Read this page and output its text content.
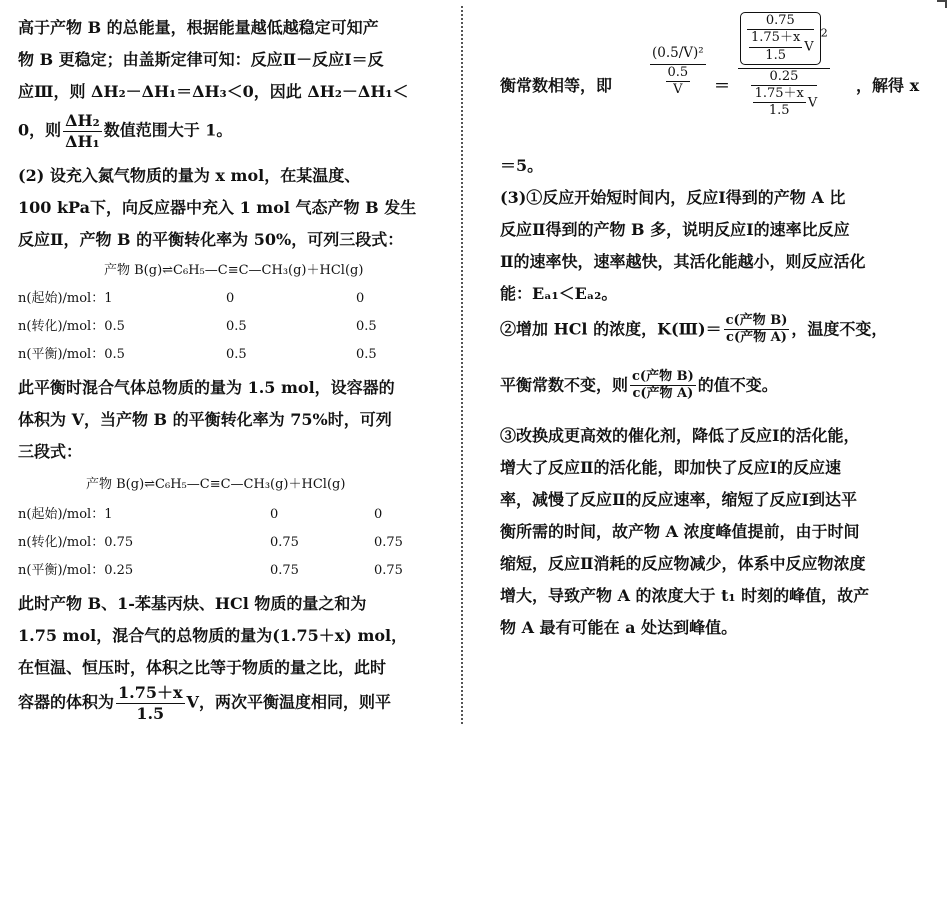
高于产物 B 的总能量，根据能量越低越稳定可知产
物 B 更稳定；由盖斯定律可知：反应Ⅱ－反应Ⅰ＝反
应Ⅲ，则 ΔH₂－ΔH₁＝ΔH₃＜0，因此 ΔH₂－ΔH₁＜
0，则 $\frac{\text{ΔH₂}}{\text{ΔH₁}}$ 数值范围大于 1。
(2) 设充入氮气物质的量为 x mol，在某温度、
100 kPa下，向反应器中充入 1 mol 气态产物 B 发生
反应Ⅱ，产物 B 的平衡转化率为 50%，可列三段式：
产物 B(g)⇌C₆H₅—C≡C—CH₃(g)＋HCl(g)
n(起始)/mol：1	0	0
n(转化)/mol：0.5	0.5	0.5
n(平衡)/mol：0.5	0.5	0.5
此平衡时混合气体总物质的量为 1.5 mol，设容器的
体积为 V，当产物 B 的平衡转化率为 75%时，可列
三段式：
产物 B(g)⇌C₆H₅—C≡C—CH₃(g)＋HCl(g)
n(起始)/mol：1	0	0
n(转化)/mol：0.75	0.75	0.75
n(平衡)/mol：0.25	0.75	0.75
此时产物 B、1-苯基丙炔、HCl 物质的量之和为
1.75 mol，混合气的总物质的量为(1.75＋x) mol，
在恒温、恒压时，体积之比等于物质的量之比，此时
容器的体积为 $\frac{1.75+x}{1.5}$ V，两次平衡温度相同，则平
衡常数相等，即	$\frac{\text{(0.5/V)²}}{\frac{0.5}{V}} = \frac{\frac{0.75}{\frac{1.75+x}{1.5} V} ^2}{\frac{0.25}{\frac{1.75+x}{1.5} V}}$ ，解得 x
＝5。
(3)①反应开始短时间内，反应Ⅰ得到的产物 A 比
反应Ⅱ得到的产物 B 多，说明反应Ⅰ的速率比反应
Ⅱ的速率快，速率越快，其活化能越小，则反应活化
能：Eₐ₁＜Eₐ₂。
②增加 HCl 的浓度，K(Ⅲ)＝ $\frac{\text{c(产物 B)}}{\text{c(产物 A)}}$ ，温度不变，
平衡常数不变，则 $\frac{\text{c(产物 B)}}{\text{c(产物 A)}}$ 的值不变。
③改换成更高效的催化剂，降低了反应Ⅰ的活化能，
增大了反应Ⅱ的活化能，即加快了反应Ⅰ的反应速
率，减慢了反应Ⅱ的反应速率，缩短了反应Ⅰ到达平
衡所需的时间，故产物 A 浓度峰值提前，由于时间
缩短，反应Ⅱ消耗的反应物减少，体系中反应物浓度
增大，导致产物 A 的浓度大于 t₁ 时刻的峰值，故产
物 A 最有可能在 a 处达到峰值。
